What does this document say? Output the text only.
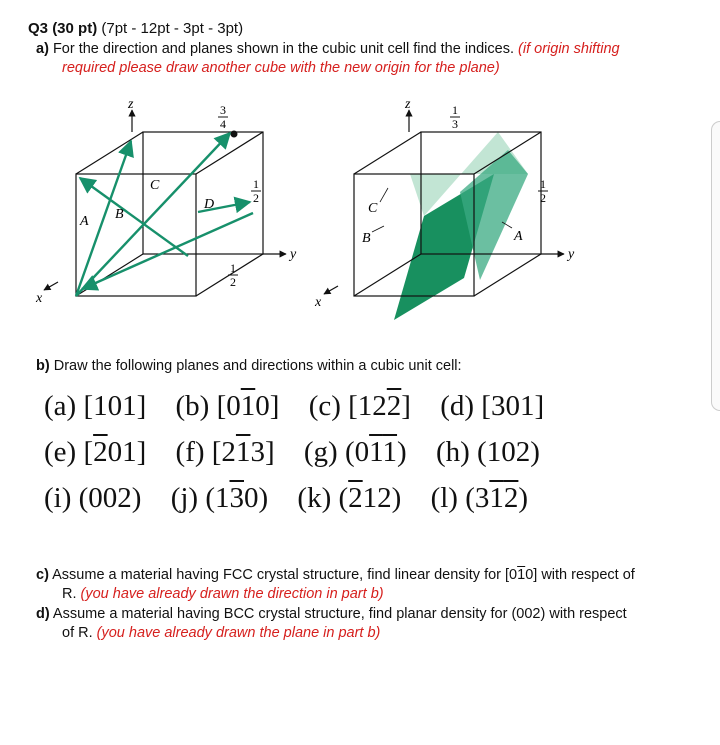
Q3 (30 pt) (7pt - 12pt - 3pt - 3pt)
a) For the direction and planes shown in the cubic unit cell find the indices. (if origin shifting
required please draw another cube with the new origin for the plane)
z
x
y
A B
C
D
3
4
1
2
1
2
z
x
y
A
B
C
1
3
1
2
b) Draw the following planes and directions within a cubic unit cell:
(a) [101] (b) [010] (c) [122] (d) [301]
(e) [201] (f) [213] (g) (011) (h) (102)
(i) (002) (j) (130) (k) (212) (l) (312)
c) Assume a material having FCC crystal structure, find linear density for [010] with respect of
R. (you have already drawn the direction in part b)
d) Assume a material having BCC crystal structure, find planar density for (002) with respect
of R. (you have already drawn the plane in part b)
